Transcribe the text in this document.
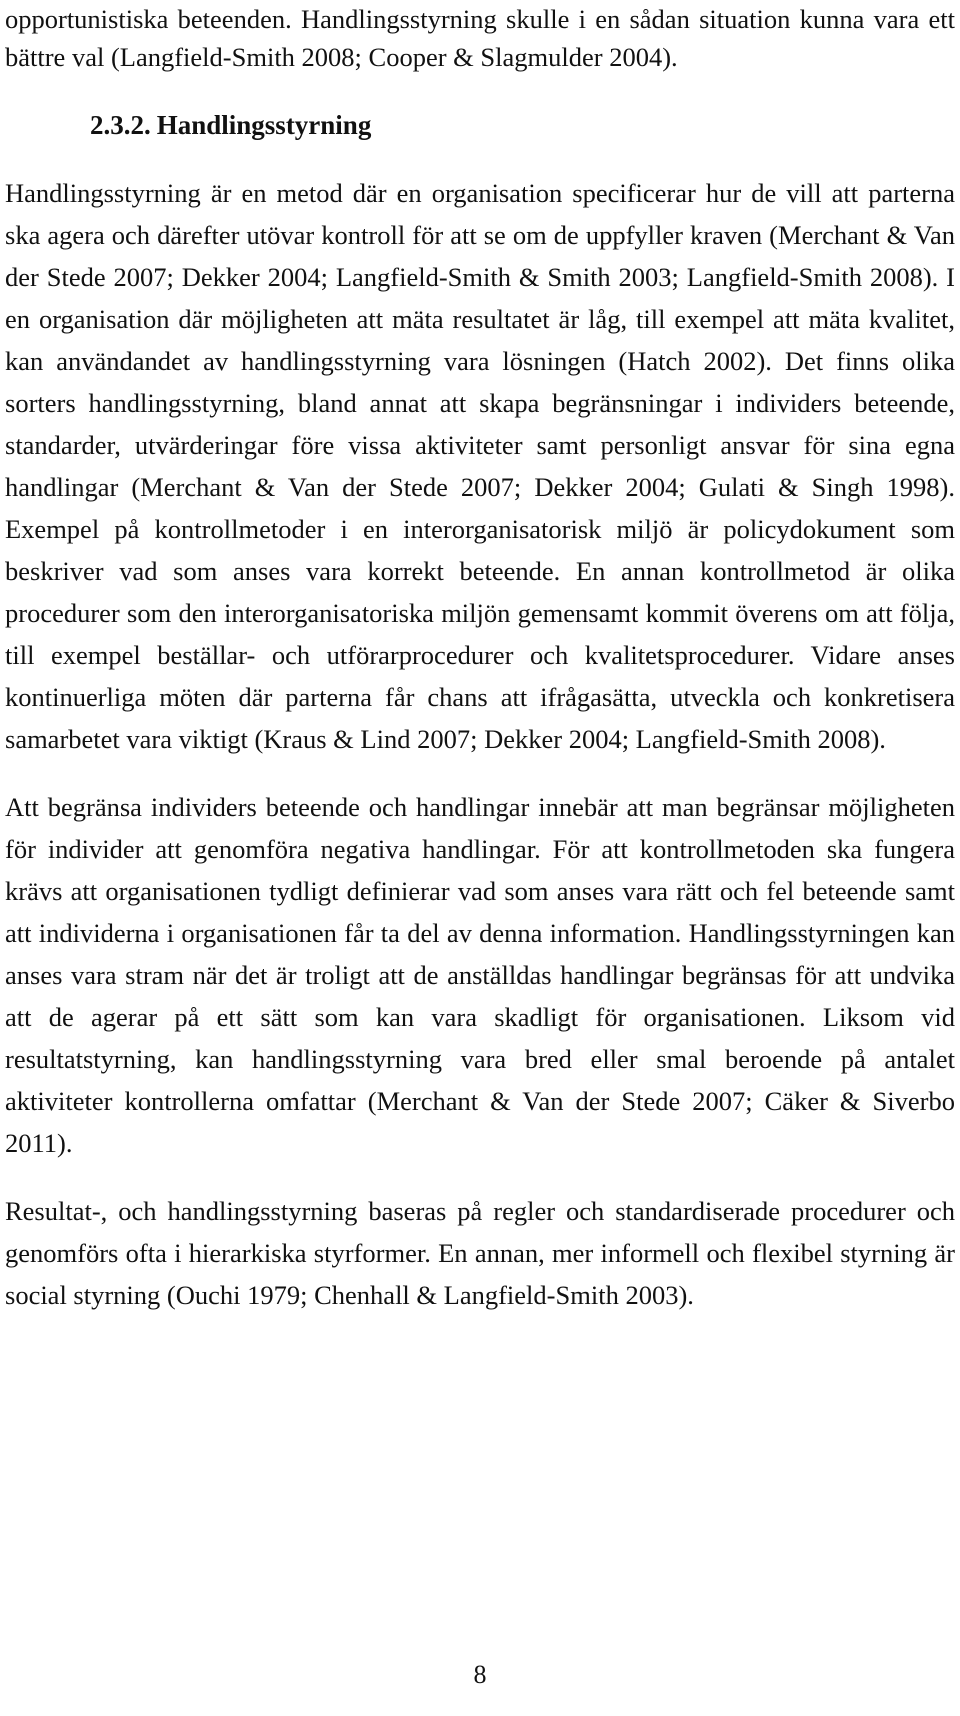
opportunistiska beteenden. Handlingsstyrning skulle i en sådan situation kunna vara ett bättre val (Langfield-Smith 2008; Cooper & Slagmulder 2004).

2.3.2. Handlingsstyrning

Handlingsstyrning är en metod där en organisation specificerar hur de vill att parterna ska agera och därefter utövar kontroll för att se om de uppfyller kraven (Merchant & Van der Stede 2007; Dekker 2004; Langfield-Smith & Smith 2003; Langfield-Smith 2008). I en organisation där möjligheten att mäta resultatet är låg, till exempel att mäta kvalitet, kan användandet av handlingsstyrning vara lösningen (Hatch 2002). Det finns olika sorters handlingsstyrning, bland annat att skapa begränsningar i individers beteende, standarder, utvärderingar före vissa aktiviteter samt personligt ansvar för sina egna handlingar (Merchant & Van der Stede 2007; Dekker 2004; Gulati & Singh 1998). Exempel på kontrollmetoder i en interorganisatorisk miljö är policydokument som beskriver vad som anses vara korrekt beteende. En annan kontrollmetod är olika procedurer som den interorganisatoriska miljön gemensamt kommit överens om att följa, till exempel beställar- och utförarprocedurer och kvalitetsprocedurer. Vidare anses kontinuerliga möten där parterna får chans att ifrågasätta, utveckla och konkretisera samarbetet vara viktigt (Kraus & Lind 2007; Dekker 2004; Langfield-Smith 2008).

Att begränsa individers beteende och handlingar innebär att man begränsar möjligheten för individer att genomföra negativa handlingar. För att kontrollmetoden ska fungera krävs att organisationen tydligt definierar vad som anses vara rätt och fel beteende samt att individerna i organisationen får ta del av denna information. Handlingsstyrningen kan anses vara stram när det är troligt att de anställdas handlingar begränsas för att undvika att de agerar på ett sätt som kan vara skadligt för organisationen. Liksom vid resultatstyrning, kan handlingsstyrning vara bred eller smal beroende på antalet aktiviteter kontrollerna omfattar (Merchant & Van der Stede 2007; Cäker & Siverbo 2011).

Resultat-, och handlingsstyrning baseras på regler och standardiserade procedurer och genomförs ofta i hierarkiska styrformer. En annan, mer informell och flexibel styrning är social styrning (Ouchi 1979; Chenhall & Langfield-Smith 2003).

8
